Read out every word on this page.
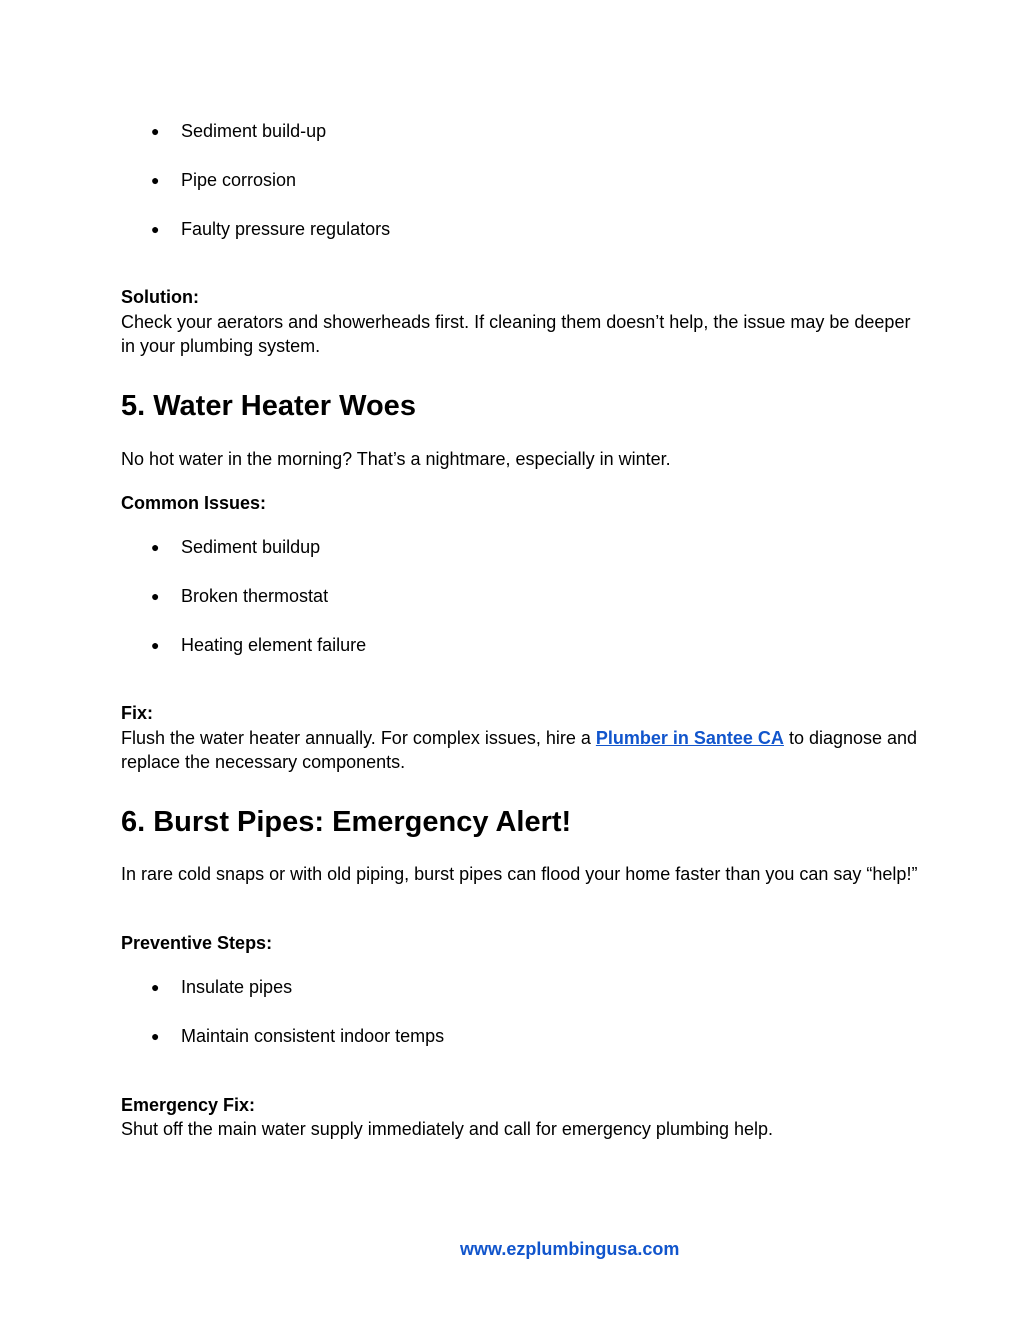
● Sediment build-up
● Pipe corrosion
● Faulty pressure regulators
Solution:
Check your aerators and showerheads first. If cleaning them doesn’t help, the issue may be deeper in your plumbing system.
5. Water Heater Woes
No hot water in the morning? That’s a nightmare, especially in winter.
Common Issues:
● Sediment buildup
● Broken thermostat
● Heating element failure
Fix:
Flush the water heater annually. For complex issues, hire a Plumber in Santee CA to diagnose and replace the necessary components.
6. Burst Pipes: Emergency Alert!
In rare cold snaps or with old piping, burst pipes can flood your home faster than you can say “help!”
Preventive Steps:
● Insulate pipes
● Maintain consistent indoor temps
Emergency Fix:
Shut off the main water supply immediately and call for emergency plumbing help.
www.ezplumbingusa.com
